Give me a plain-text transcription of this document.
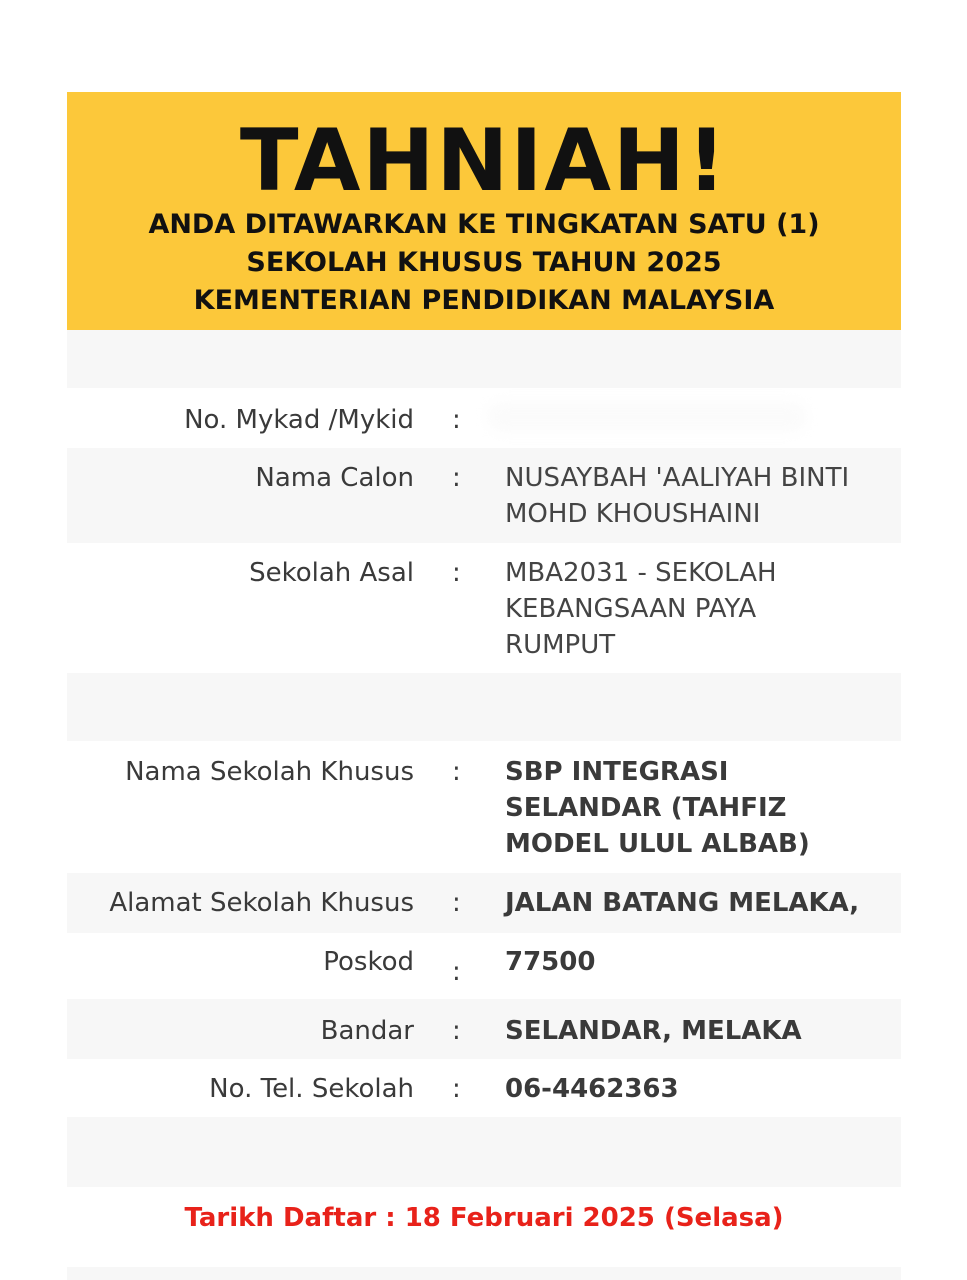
TAHNIAH!
ANDA DITAWARKAN KE TINGKATAN SATU (1)
SEKOLAH KHUSUS TAHUN 2025
KEMENTERIAN PENDIDIKAN MALAYSIA
No. Mykad /Mykid :
Nama Calon : NUSAYBAH 'AALIYAH BINTI
MOHD KHOUSHAINI
Sekolah Asal : MBA2031 - SEKOLAH
KEBANGSAAN PAYA
RUMPUT
Nama Sekolah Khusus : SBP INTEGRASI
SELANDAR (TAHFIZ
MODEL ULUL ALBAB)
Alamat Sekolah Khusus : JALAN BATANG MELAKA,
Poskod : 77500
Bandar : SELANDAR, MELAKA
No. Tel. Sekolah : 06-4462363
Tarikh Daftar : 18 Februari 2025 (Selasa)
